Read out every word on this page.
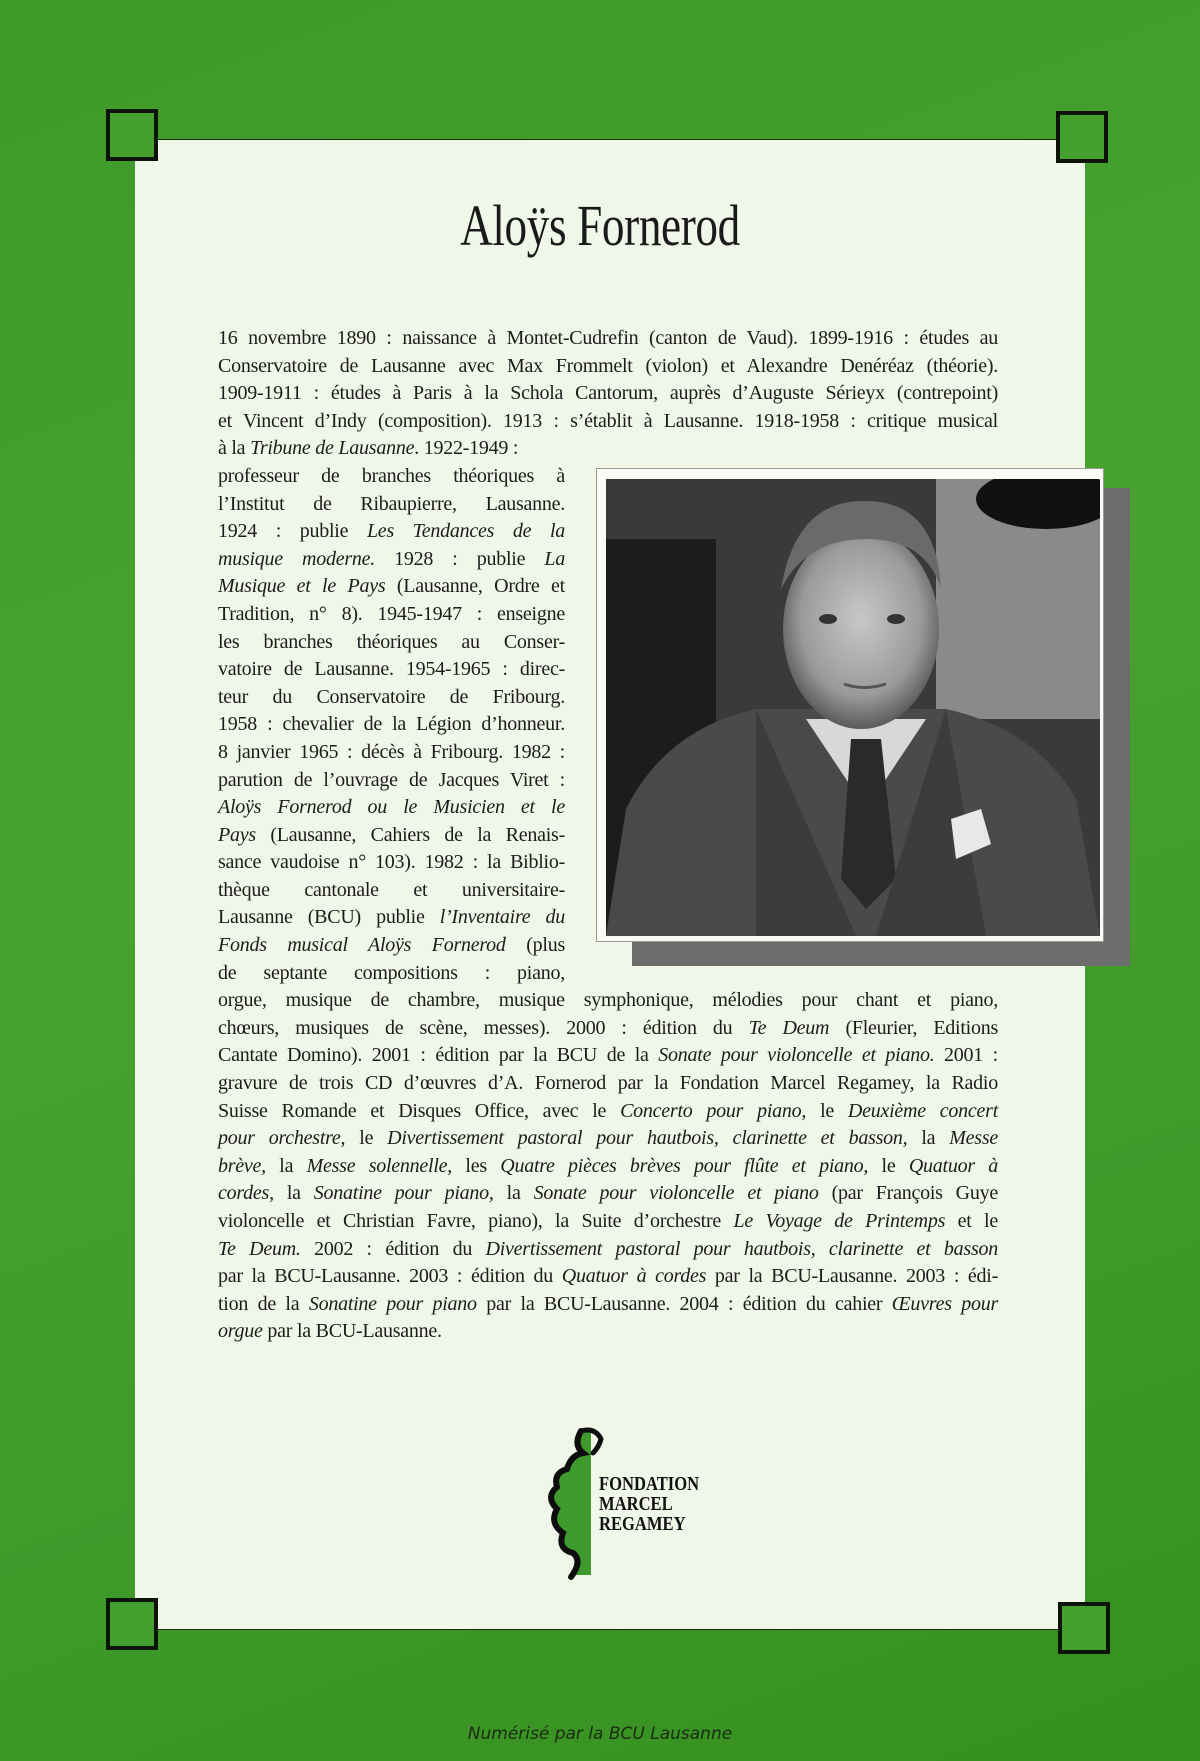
Aloÿs Fornerod
16 novembre 1890 : naissance à Montet-Cudrefin (canton de Vaud). 1899-1916 : études au
Conservatoire de Lausanne avec Max Frommelt (violon) et Alexandre Denéréaz (théorie).
1909-1911 : études à Paris à la Schola Cantorum, auprès d’Auguste Sérieyx (contrepoint)
et Vincent d’Indy (composition). 1913 : s’établit à Lausanne. 1918-1958 : critique musical
à la Tribune de Lausanne. 1922-1949 :
professeur de branches théoriques à
l’Institut de Ribaupierre, Lausanne.
1924 : publie Les Tendances de la
musique moderne. 1928 : publie La
Musique et le Pays (Lausanne, Ordre et
Tradition, n° 8). 1945-1947 : enseigne
les branches théoriques au Conser-
vatoire de Lausanne. 1954-1965 : direc-
teur du Conservatoire de Fribourg.
1958 : chevalier de la Légion d’honneur.
8 janvier 1965 : décès à Fribourg. 1982 :
parution de l’ouvrage de Jacques Viret :
Aloÿs Fornerod ou le Musicien et le
Pays (Lausanne, Cahiers de la Renais-
sance vaudoise n° 103). 1982 : la Biblio-
thèque cantonale et universitaire-
Lausanne (BCU) publie l’Inventaire du
Fonds musical Aloÿs Fornerod (plus
de septante compositions : piano,
orgue, musique de chambre, musique symphonique, mélodies pour chant et piano,
chœurs, musiques de scène, messes). 2000 : édition du Te Deum (Fleurier, Editions
Cantate Domino). 2001 : édition par la BCU de la Sonate pour violoncelle et piano. 2001 :
gravure de trois CD d’œuvres d’A. Fornerod par la Fondation Marcel Regamey, la Radio
Suisse Romande et Disques Office, avec le Concerto pour piano, le Deuxième concert
pour orchestre, le Divertissement pastoral pour hautbois, clarinette et basson, la Messe
brève, la Messe solennelle, les Quatre pièces brèves pour flûte et piano, le Quatuor à
cordes, la Sonatine pour piano, la Sonate pour violoncelle et piano (par François Guye
violoncelle et Christian Favre, piano), la Suite d’orchestre Le Voyage de Printemps et le
Te Deum. 2002 : édition du Divertissement pastoral pour hautbois, clarinette et basson
par la BCU-Lausanne. 2003 : édition du Quatuor à cordes par la BCU-Lausanne. 2003 : édi-
tion de la Sonatine pour piano par la BCU-Lausanne. 2004 : édition du cahier Œuvres pour
orgue par la BCU-Lausanne.
FONDATION
MARCEL
REGAMEY
Numérisé par la BCU Lausanne
